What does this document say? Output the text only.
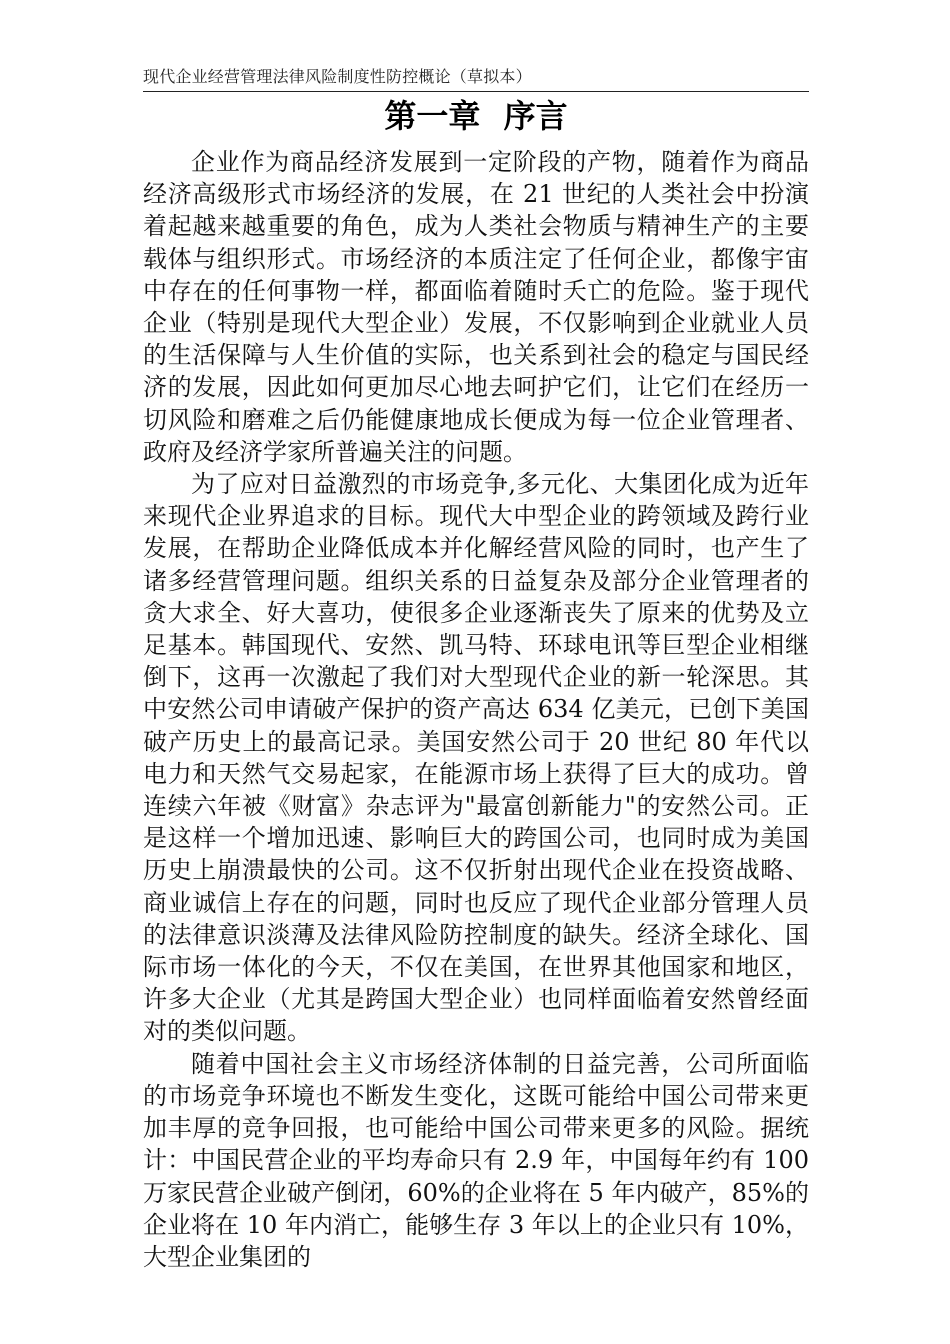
现代企业经营管理法律风险制度性防控概论（草拟本）
第一章 序言

企业作为商品经济发展到一定阶段的产物，随着作为商品经济高级形式市场经济的发展，在 21 世纪的人类社会中扮演着起越来越重要的角色，成为人类社会物质与精神生产的主要载体与组织形式。市场经济的本质注定了任何企业，都像宇宙中存在的任何事物一样，都面临着随时夭亡的危险。鉴于现代企业（特别是现代大型企业）发展，不仅影响到企业就业人员的生活保障与人生价值的实际，也关系到社会的稳定与国民经济的发展，因此如何更加尽心地去呵护它们，让它们在经历一切风险和磨难之后仍能健康地成长便成为每一位企业管理者、政府及经济学家所普遍关注的问题。

为了应对日益激烈的市场竞争,多元化、大集团化成为近年来现代企业界追求的目标。现代大中型企业的跨领域及跨行业发展，在帮助企业降低成本并化解经营风险的同时，也产生了诸多经营管理问题。组织关系的日益复杂及部分企业管理者的贪大求全、好大喜功，使很多企业逐渐丧失了原来的优势及立足基本。韩国现代、安然、凯马特、环球电讯等巨型企业相继倒下，这再一次激起了我们对大型现代企业的新一轮深思。其中安然公司申请破产保护的资产高达 634 亿美元，已创下美国破产历史上的最高记录。美国安然公司于 20 世纪 80 年代以电力和天然气交易起家，在能源市场上获得了巨大的成功。曾连续六年被《财富》杂志评为"最富创新能力"的安然公司。正是这样一个增加迅速、影响巨大的跨国公司，也同时成为美国历史上崩溃最快的公司。这不仅折射出现代企业在投资战略、商业诚信上存在的问题，同时也反应了现代企业部分管理人员的法律意识淡薄及法律风险防控制度的缺失。经济全球化、国际市场一体化的今天，不仅在美国，在世界其他国家和地区，许多大企业（尤其是跨国大型企业）也同样面临着安然曾经面对的类似问题。

随着中国社会主义市场经济体制的日益完善，公司所面临的市场竞争环境也不断发生变化，这既可能给中国公司带来更加丰厚的竞争回报，也可能给中国公司带来更多的风险。据统计：中国民营企业的平均寿命只有 2.9 年，中国每年约有 100 万家民营企业破产倒闭，60%的企业将在 5 年内破产，85%的企业将在 10 年内消亡，能够生存 3 年以上的企业只有 10%，大型企业集团的
